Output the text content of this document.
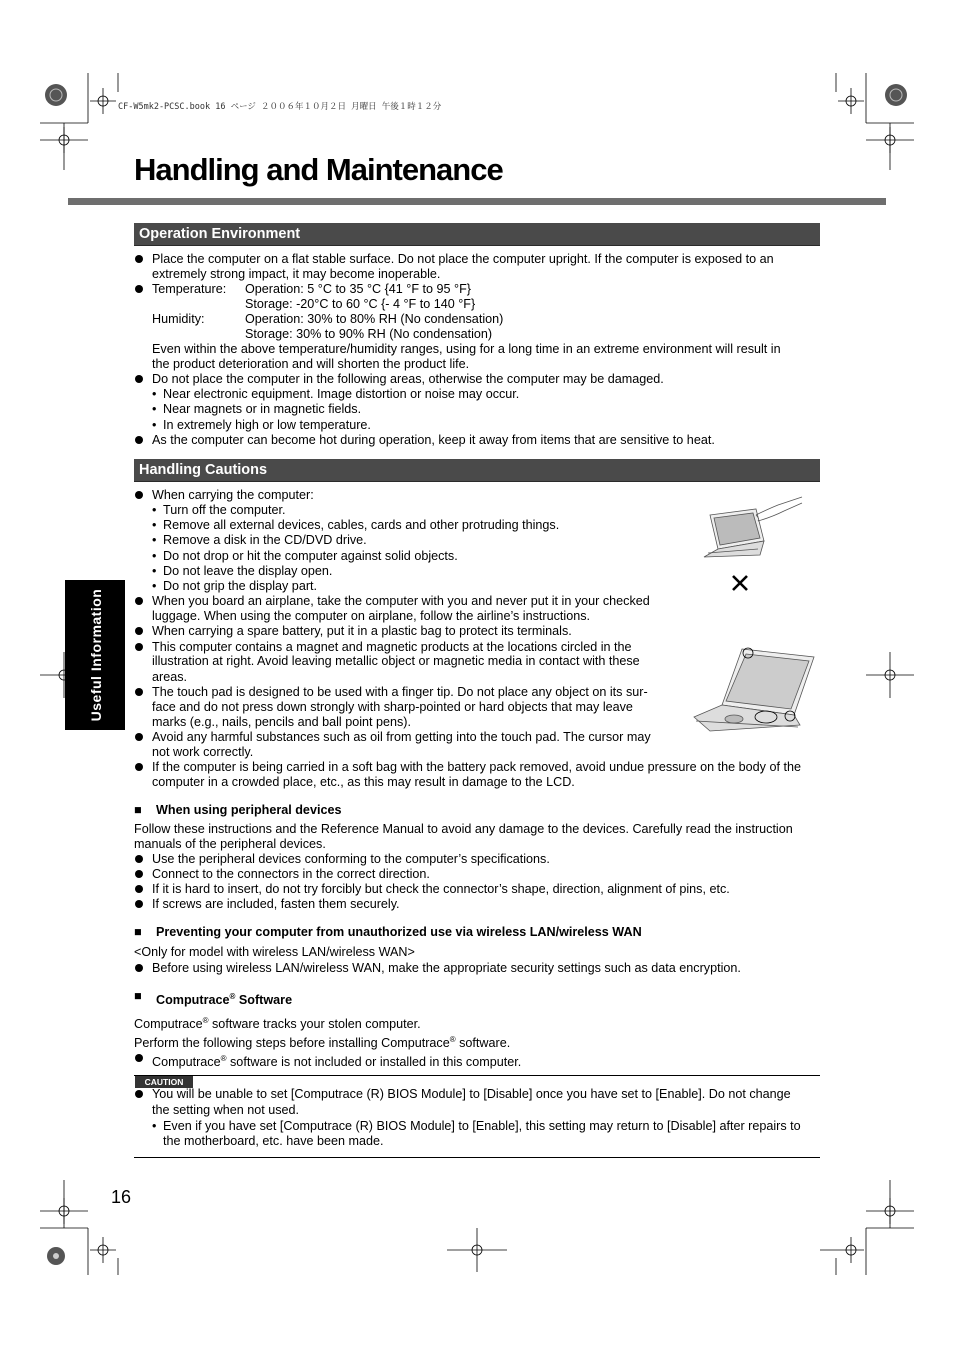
CF-W5mk2-PCSC.book 16 ページ ２００６年１０月２日 月曜日 午後１時１２分
Handling and Maintenance
Useful Information
Operation Environment
Place the computer on a flat stable surface. Do not place the computer upright. If the computer is exposed to an
extremely strong impact, it may become inoperable.
Temperature: Operation: 5 °C to 35 °C {41 °F to 95 °F}
Storage: -20°C to 60 °C {- 4 °F to 140 °F}
Humidity:	Operation: 30% to 80% RH (No condensation)
Storage: 30% to 90% RH (No condensation)
Even within the above temperature/humidity ranges, using for a long time in an extreme environment will result in
the product deterioration and will shorten the product life.
Do not place the computer in the following areas, otherwise the computer may be damaged.
• Near electronic equipment. Image distortion or noise may occur.
• Near magnets or in magnetic fields.
• In extremely high or low temperature.
As the computer can become hot during operation, keep it away from items that are sensitive to heat.
Handling Cautions
When carrying the computer:
• Turn off the computer.
• Remove all external devices, cables, cards and other protruding things.
• Remove a disk in the CD/DVD drive.
• Do not drop or hit the computer against solid objects.
• Do not leave the display open.
• Do not grip the display part.
When you board an airplane, take the computer with you and never put it in your checked
luggage. When using the computer on airplane, follow the airline’s instructions.
When carrying a spare battery, put it in a plastic bag to protect its terminals.
This computer contains a magnet and magnetic products at the locations circled in the
illustration at right. Avoid leaving metallic object or magnetic media in contact with these
areas.
The touch pad is designed to be used with a finger tip. Do not place any object on its sur-
face and do not press down strongly with sharp-pointed or hard objects that may leave
marks (e.g., nails, pencils and ball point pens).
Avoid any harmful substances such as oil from getting into the touch pad. The cursor may
not work correctly.
If the computer is being carried in a soft bag with the battery pack removed, avoid undue pressure on the body of the
computer in a crowded place, etc., as this may result in damage to the LCD.
■ When using peripheral devices
Follow these instructions and the Reference Manual to avoid any damage to the devices. Carefully read the instruction
manuals of the peripheral devices.
Use the peripheral devices conforming to the computer’s specifications.
Connect to the connectors in the correct direction.
If it is hard to insert, do not try forcibly but check the connector’s shape, direction, alignment of pins, etc.
If screws are included, fasten them securely.
■ Preventing your computer from unauthorized use via wireless LAN/wireless WAN
<Only for model with wireless LAN/wireless WAN>
Before using wireless LAN/wireless WAN, make the appropriate security settings such as data encryption.
■ Computrace® Software
Computrace® software tracks your stolen computer.
Perform the following steps before installing Computrace® software.
Computrace® software is not included or installed in this computer.
CAUTION
You will be unable to set [Computrace (R) BIOS Module] to [Disable] once you have set to [Enable]. Do not change
the setting when not used.
• Even if you have set [Computrace (R) BIOS Module] to [Enable], this setting may return to [Disable] after repairs to
the motherboard, etc. have been made.
16
